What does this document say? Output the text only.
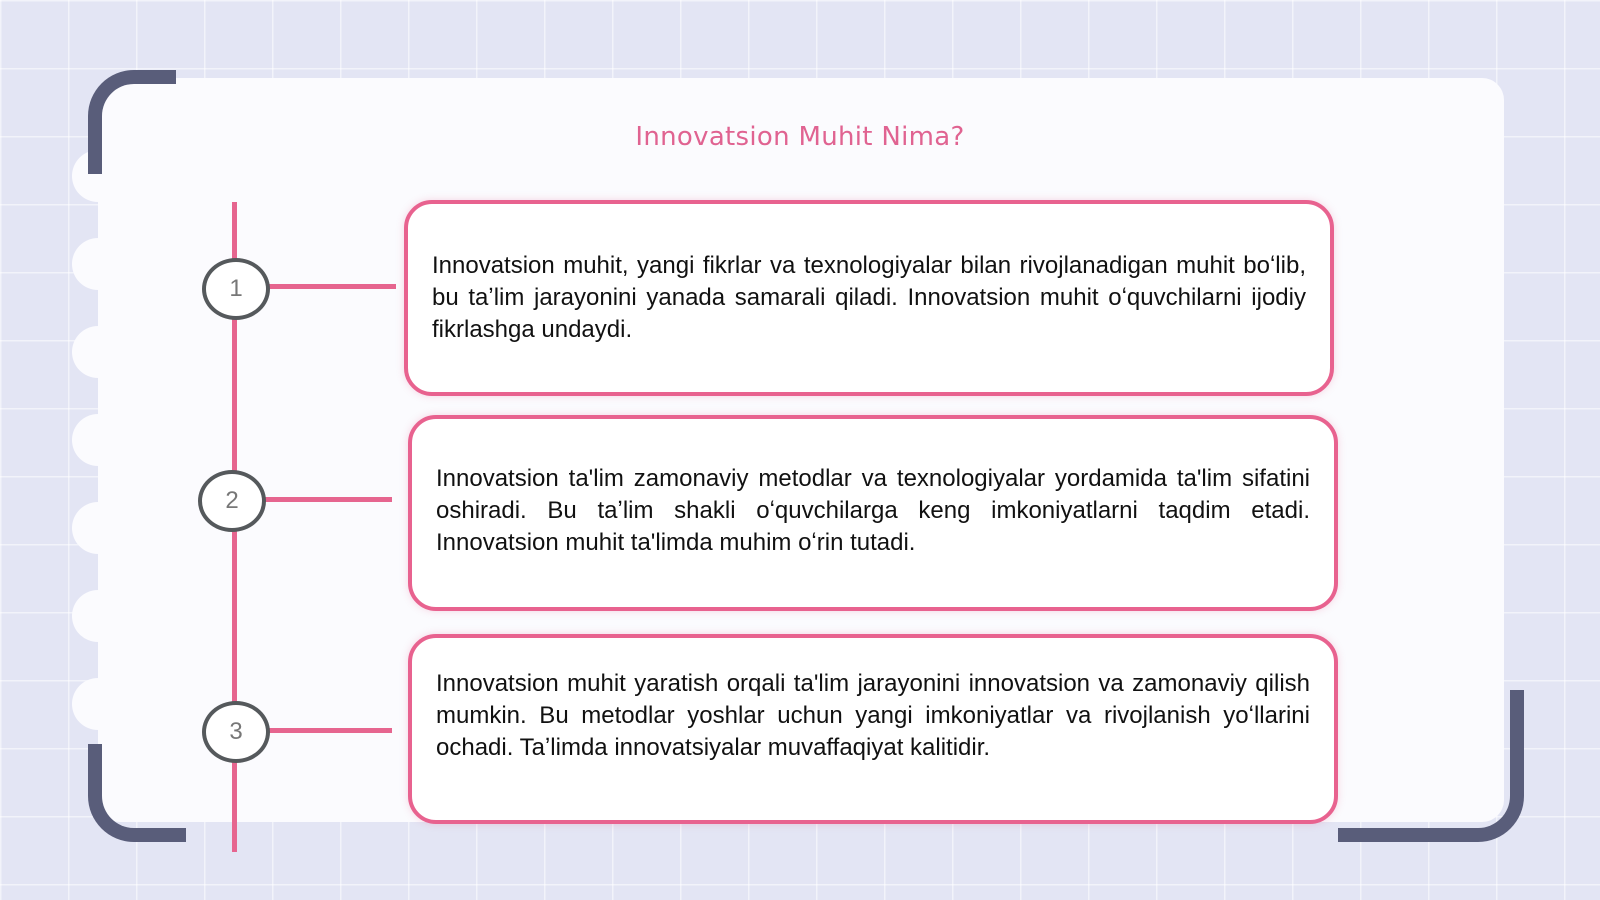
Innovatsion Muhit Nima?
1

Innovatsion muhit, yangi fikrlar va texnologiyalar bilan rivojlanadigan muhit boʻlib, bu taʼlim jarayonini yanada samarali qiladi. Innovatsion muhit oʻquvchilarni ijodiy fikrlashga undaydi.

2

Innovatsion ta'lim zamonaviy metodlar va texnologiyalar yordamida ta'lim sifatini oshiradi. Bu taʼlim shakli oʻquvchilarga keng imkoniyatlarni taqdim etadi. Innovatsion muhit ta'limda muhim oʻrin tutadi.

3

Innovatsion muhit yaratish orqali ta'lim jarayonini innovatsion va zamonaviy qilish mumkin. Bu metodlar yoshlar uchun yangi imkoniyatlar va rivojlanish yoʻllarini ochadi. Taʼlimda innovatsiyalar muvaffaqiyat kalitidir.
